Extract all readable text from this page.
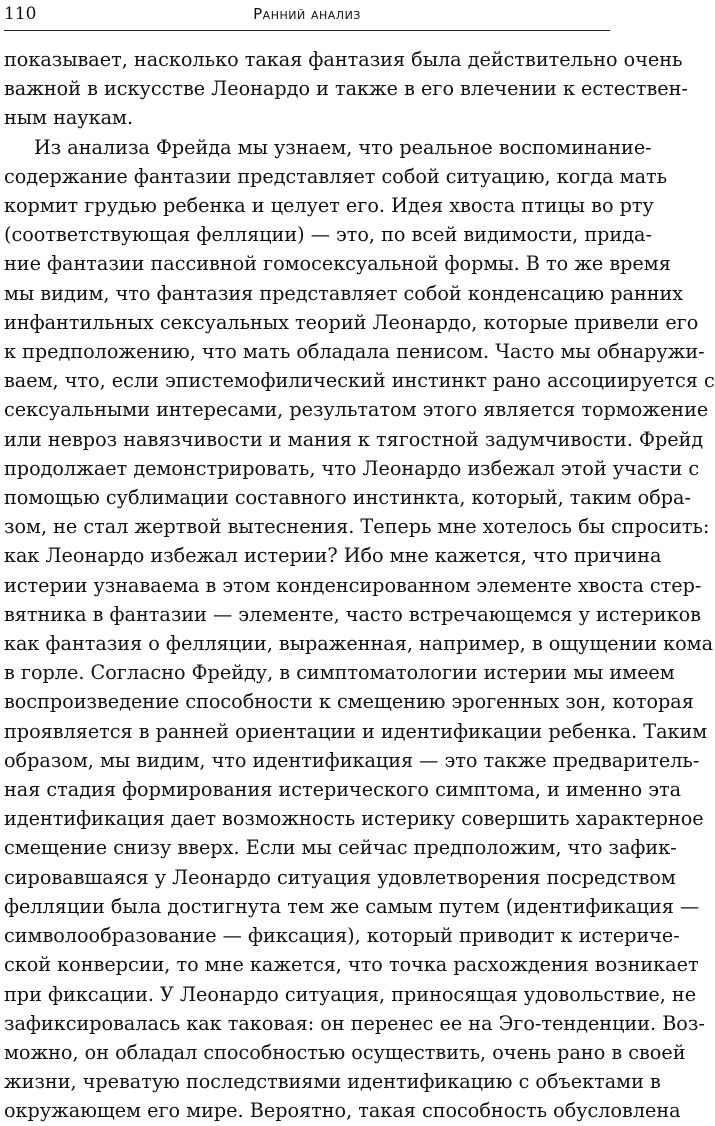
110	Ранний анализ
показывает, насколько такая фантазия была действительно очень
важной в искусстве Леонардо и также в его влечении к естествен-
ным наукам.
Из анализа Фрейда мы узнаем, что реальное воспоминание-
содержание фантазии представляет собой ситуацию, когда мать
кормит грудью ребенка и целует его. Идея хвоста птицы во рту
(соответствующая фелляции) — это, по всей видимости, прида-
ние фантазии пассивной гомосексуальной формы. В то же время
мы видим, что фантазия представляет собой конденсацию ранних
инфантильных сексуальных теорий Леонардо, которые привели его
к предположению, что мать обладала пенисом. Часто мы обнаружи-
ваем, что, если эпистемофилический инстинкт рано ассоциируется с
сексуальными интересами, результатом этого является торможение
или невроз навязчивости и мания к тягостной задумчивости. Фрейд
продолжает демонстрировать, что Леонардо избежал этой участи с
помощью сублимации составного инстинкта, который, таким обра-
зом, не стал жертвой вытеснения. Теперь мне хотелось бы спросить:
как Леонардо избежал истерии? Ибо мне кажется, что причина
истерии узнаваема в этом конденсированном элементе хвоста стер-
вятника в фантазии — элементе, часто встречающемся у истериков
как фантазия о фелляции, выраженная, например, в ощущении кома
в горле. Согласно Фрейду, в симптоматологии истерии мы имеем
воспроизведение способности к смещению эрогенных зон, которая
проявляется в ранней ориентации и идентификации ребенка. Таким
образом, мы видим, что идентификация — это также предваритель-
ная стадия формирования истерического симптома, и именно эта
идентификация дает возможность истерику совершить характерное
смещение снизу вверх. Если мы сейчас предположим, что зафик-
сировавшаяся у Леонардо ситуация удовлетворения посредством
фелляции была достигнута тем же самым путем (идентификация —
символообразование — фиксация), который приводит к истериче-
ской конверсии, то мне кажется, что точка расхождения возникает
при фиксации. У Леонардо ситуация, приносящая удовольствие, не
зафиксировалась как таковая: он перенес ее на Эго-тенденции. Воз-
можно, он обладал способностью осуществить, очень рано в своей
жизни, чреватую последствиями идентификацию с объектами в
окружающем его мире. Вероятно, такая способность обусловлена
